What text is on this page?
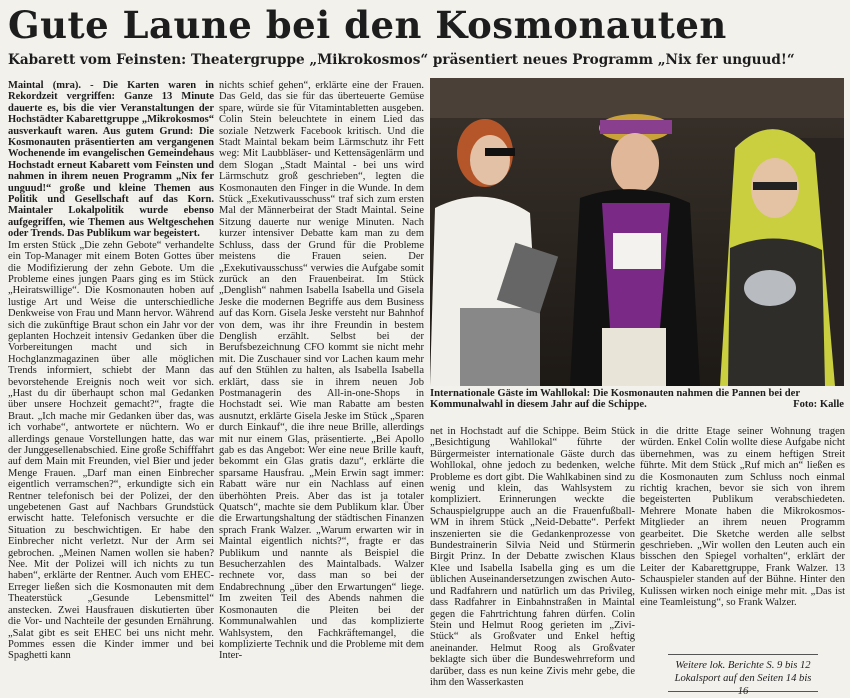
Gute Laune bei den Kosmonauten
Kabarett vom Feinsten: Theatergruppe „Mikrokosmos“ präsentiert neues Programm „Nix fer unguud!“

Maintal (mra). - Die Karten waren in Rekordzeit vergriffen: Ganze 13 Minute dauerte es, bis die vier Veranstaltungen der Hochstädter Kabarettgruppe „Mikrokosmos“ ausverkauft waren. Aus gutem Grund: Die Kosmonauten präsentierten am vergangenen Wochenende im evangelischen Gemeindehaus Hochstadt erneut Kabarett vom Feinsten und nahmen in ihrem neuen Programm „Nix fer unguud!“ große und kleine Themen aus Politik und Gesellschaft auf das Korn. Maintaler Lokalpolitik wurde ebenso aufgegriffen, wie Themen aus Weltgeschehen oder Trends. Das Publikum war begeistert.

Im ersten Stück „Die zehn Gebote“ verhandelte ein Top-Manager mit einem Boten Gottes über die Modifizierung der zehn Gebote. Um die Probleme eines jungen Paars ging es im Stück „Heiratswillige“. Die Kosmonauten hoben auf lustige Art und Weise die unterschiedliche Denkweise von Frau und Mann hervor. Während sich die zukünftige Braut schon ein Jahr vor der geplanten Hochzeit intensiv Gedanken über die Vorbereitungen macht und sich in Hochglanzmagazinen über alle möglichen Trends informiert, schiebt der Mann das bevorstehende Ereignis noch weit vor sich. „Hast du dir überhaupt schon mal Gedanken über unsere Hochzeit gemacht?“, fragte die Braut. „Ich mache mir Gedanken über das, was ich vorhabe“, antwortete er nüchtern. Wo er allerdings genaue Vorstellungen hatte, das war der Junggesellenabschied. Eine große Schifffahrt auf dem Main mit Freunden, viel Bier und jeder Menge Frauen. „Darf man einen Einbrecher eigentlich verramschen?“, erkundigte sich ein Rentner telefonisch bei der Polizei, der den ungebetenen Gast auf Nachbars Grundstück erwischt hatte. Telefonisch versuchte er die Situation zu beschwichtigen. Er habe den Einbrecher nicht verletzt. Nur der Arm sei gebrochen. „Meinen Namen wollen sie haben? Nee. Mit der Polizei will ich nichts zu tun haben“, erklärte der Rentner. Auch vom EHEC-Erreger ließen sich die Kosmonauten mit dem Theaterstück „Gesunde Lebensmittel“ anstecken. Zwei Hausfrauen diskutierten über die Vor- und Nachteile der gesunden Ernährung. „Salat gibt es seit EHEC bei uns nicht mehr. Pommes essen die Kinder immer und bei Spaghetti kann

nichts schief gehen“, erklärte eine der Frauen. Das Geld, das sie für das überteuerte Gemüse spare, würde sie für Vitamintabletten ausgeben. Colin Stein beleuchtete in einem Lied das soziale Netzwerk Facebook kritisch. Und die Stadt Maintal bekam beim Lärmschutz ihr Fett weg: Mit Laubbläser- und Kettensägenlärm und dem Slogan „Stadt Maintal - bei uns wird Lärmschutz groß geschrieben“, legten die Kosmonauten den Finger in die Wunde. In dem Stück „Exekutivausschuss“ traf sich zum ersten Mal der Männerbeirat der Stadt Maintal. Seine Sitzung dauerte nur wenige Minuten. Nach kurzer intensiver Debatte kam man zu dem Schluss, dass der Grund für die Probleme meistens die Frauen seien. Der „Exekutivausschuss“ verwies die Aufgabe somit zurück an den Frauenbeirat. Im Stück „Denglish“ nahmen Isabella Isabella und Gisela Jeske die modernen Begriffe aus dem Business auf das Korn. Gisela Jeske versteht nur Bahnhof von dem, was ihr ihre Freundin in bestem Denglish erzählt. Selbst bei der Berufsbezeichnung CFO kommt sie nicht mehr mit. Die Zuschauer sind vor Lachen kaum mehr auf den Stühlen zu halten, als Isabella Isabella erklärt, dass sie in ihrem neuen Job Postmanagerin des All-in-one-Shops in Hochstadt sei. Wie man Rabatte am besten ausnutzt, erklärte Gisela Jeske im Stück „Sparen durch Einkauf“, die ihre neue Brille, allerdings mit nur einem Glas, präsentierte. „Bei Apollo gab es das Angebot: Wer eine neue Brille kauft, bekommt ein Glas gratis dazu“, erklärte die sparsame Hausfrau. „Mein Erwin sagt immer: Rabatt wäre nur ein Nachlass auf einen überhöhten Preis. Aber das ist ja totaler Quatsch“, machte sie dem Publikum klar. Über die Erwartungshaltung der städtischen Finanzen sprach Frank Walzer. „Warum erwarten wir in Maintal eigentlich nichts?“, fragte er das Publikum und nannte als Beispiel die Besucherzahlen des Maintalbads. Walzer rechnete vor, dass man so bei der Endabrechnung „über den Erwartungen“ liege. Im zweiten Teil des Abends nahmen die Kosmonauten die Pleiten bei der Kommunalwahlen und das komplizierte Wahlsystem, den Fachkräftemangel, die komplizierte Technik und die Probleme mit dem Inter-

Internationale Gäste im Wahllokal: Die Kosmonauten nahmen die Pannen bei der Kommunalwahl in diesem Jahr auf die Schippe.	Foto: Kalle

net in Hochstadt auf die Schippe. Beim Stück „Besichtigung Wahllokal“ führte der Bürgermeister internationale Gäste durch das Wohllokal, ohne jedoch zu bedenken, welche Probleme es dort gibt. Die Wahlkabinen sind zu wenig und klein, das Wahlsystem zu kompliziert. Erinnerungen weckte die Schauspielgruppe auch an die Frauenfußball-WM in ihrem Stück „Neid-Debatte“. Perfekt inszenierten sie die Gedankenprozesse von Bundestrainerin Silvia Neid und Stürmerin Birgit Prinz. In der Debatte zwischen Klaus Klee und Isabella Isabella ging es um die üblichen Auseinandersetzungen zwischen Auto- und Radfahrern und natürlich um das Privileg, dass Radfahrer in Einbahnstraßen in Maintal gegen die Fahrtrichtung fahren dürfen. Colin Stein und Helmut Roog gerieten im „Zivi-Stück“ als Großvater und Enkel heftig aneinander. Helmut Roog als Großvater beklagte sich über die Bundeswehrreform und darüber, dass es nun keine Zivis mehr gebe, die ihm den Wasserkasten

in die dritte Etage seiner Wohnung tragen würden. Enkel Colin wollte diese Aufgabe nicht übernehmen, was zu einem heftigen Streit führte. Mit dem Stück „Ruf mich an“ ließen es die Kosmonauten zum Schluss noch einmal richtig krachen, bevor sie sich von ihrem begeisterten Publikum verabschiedeten. Mehrere Monate haben die Mikrokosmos-Mitglieder an ihrem neuen Programm gearbeitet. Die Sketche werden alle selbst geschrieben. „Wir wollen den Leuten auch ein bisschen den Spiegel vorhalten“, erklärt der Leiter der Kabarettgruppe, Frank Walzer. 13 Schauspieler standen auf der Bühne. Hinter den Kulissen wirken noch einige mehr mit. „Das ist eine Teamleistung“, so Frank Walzer.

Weitere lok. Berichte S. 9 bis 12
Lokalsport auf den Seiten 14 bis 16
